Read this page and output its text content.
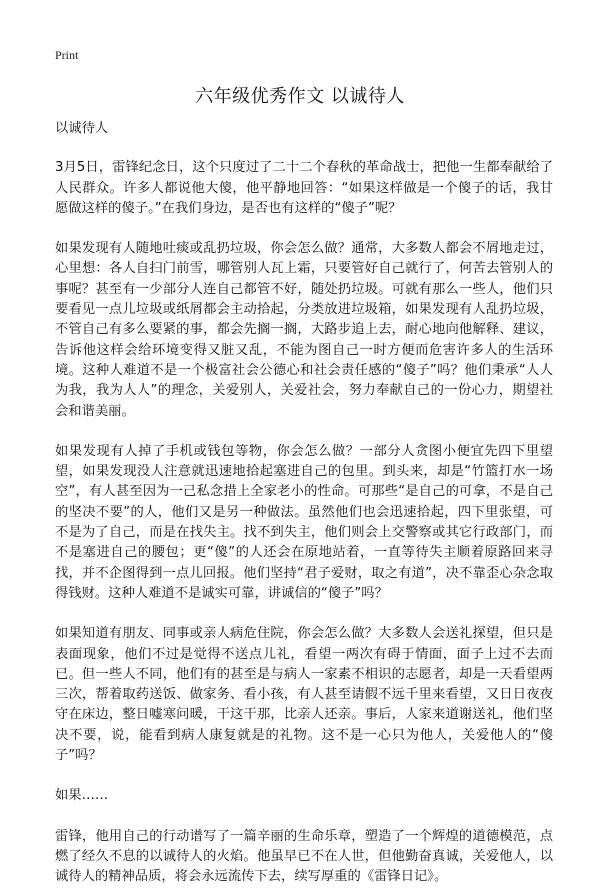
Print
六年级优秀作文 以诚待人

以诚待人

3月5日，雷锋纪念日，这个只度过了二十二个春秋的革命战士，把他一生都奉献给了人民群众。许多人都说他大傻，他平静地回答：“如果这样做是一个傻子的话，我甘愿做这样的傻子。”在我们身边，是否也有这样的“傻子”呢？

如果发现有人随地吐痰或乱扔垃圾，你会怎么做？通常，大多数人都会不屑地走过，心里想：各人自扫门前雪，哪管别人瓦上霜，只要管好自己就行了，何苦去管别人的事呢？甚至有一少部分人连自己都管不好，随处扔垃圾。可就有那么一些人，他们只要看见一点儿垃圾或纸屑都会主动拾起，分类放进垃圾箱，如果发现有人乱扔垃圾，不管自己有多么要紧的事，都会先搁一搁，大路步追上去，耐心地向他解释、建议，告诉他这样会给环境变得又脏又乱，不能为图自己一时方便而危害许多人的生活环境。这种人难道不是一个极富社会公德心和社会责任感的“傻子”吗？他们秉承“人人为我，我为人人”的理念，关爱别人，关爱社会，努力奉献自己的一份心力，期望社会和谐美丽。

如果发现有人掉了手机或钱包等物，你会怎么做？一部分人贪图小便宜先四下里望望，如果发现没人注意就迅速地拾起塞进自己的包里。到头来，却是“竹篮打水一场空”，有人甚至因为一己私念措上全家老小的性命。可那些“是自己的可拿，不是自己的坚决不要”的人，他们又是另一种做法。虽然他们也会迅速拾起，四下里张望，可不是为了自己，而是在找失主。找不到失主，他们则会上交警察或其它行政部门，而不是塞进自己的腰包；更“傻”的人还会在原地站着，一直等待失主顺着原路回来寻找，并不企图得到一点儿回报。他们坚持“君子爱财，取之有道”，决不靠歪心杂念取得钱财。这种人难道不是诚实可靠，讲诚信的“傻子”吗？

如果知道有朋友、同事或亲人病危住院，你会怎么做？大多数人会送礼探望，但只是表面现象，他们不过是觉得不送点儿礼，看望一两次有碍于情面，面子上过不去而已。但一些人不同，他们有的甚至是与病人一家素不相识的志愿者，却是一天看望两三次，帮着取药送饭、做家务、看小孩，有人甚至请假不远千里来看望，又日日夜夜守在床边，整日嘘寒问暖，干这干那，比亲人还亲。事后，人家来道谢送礼，他们坚决不要，说，能看到病人康复就是的礼物。这不是一心只为他人，关爱他人的“傻子”吗？

如果……

雷锋，他用自己的行动谱写了一篇辛丽的生命乐章，塑造了一个辉煌的道德模范，点燃了经久不息的以诚待人的火焰。他虽早已不在人世，但他勤奋真诚，关爱他人，以诚待人的精神品质，将会永远流传下去，续写厚重的《雷锋日记》。
